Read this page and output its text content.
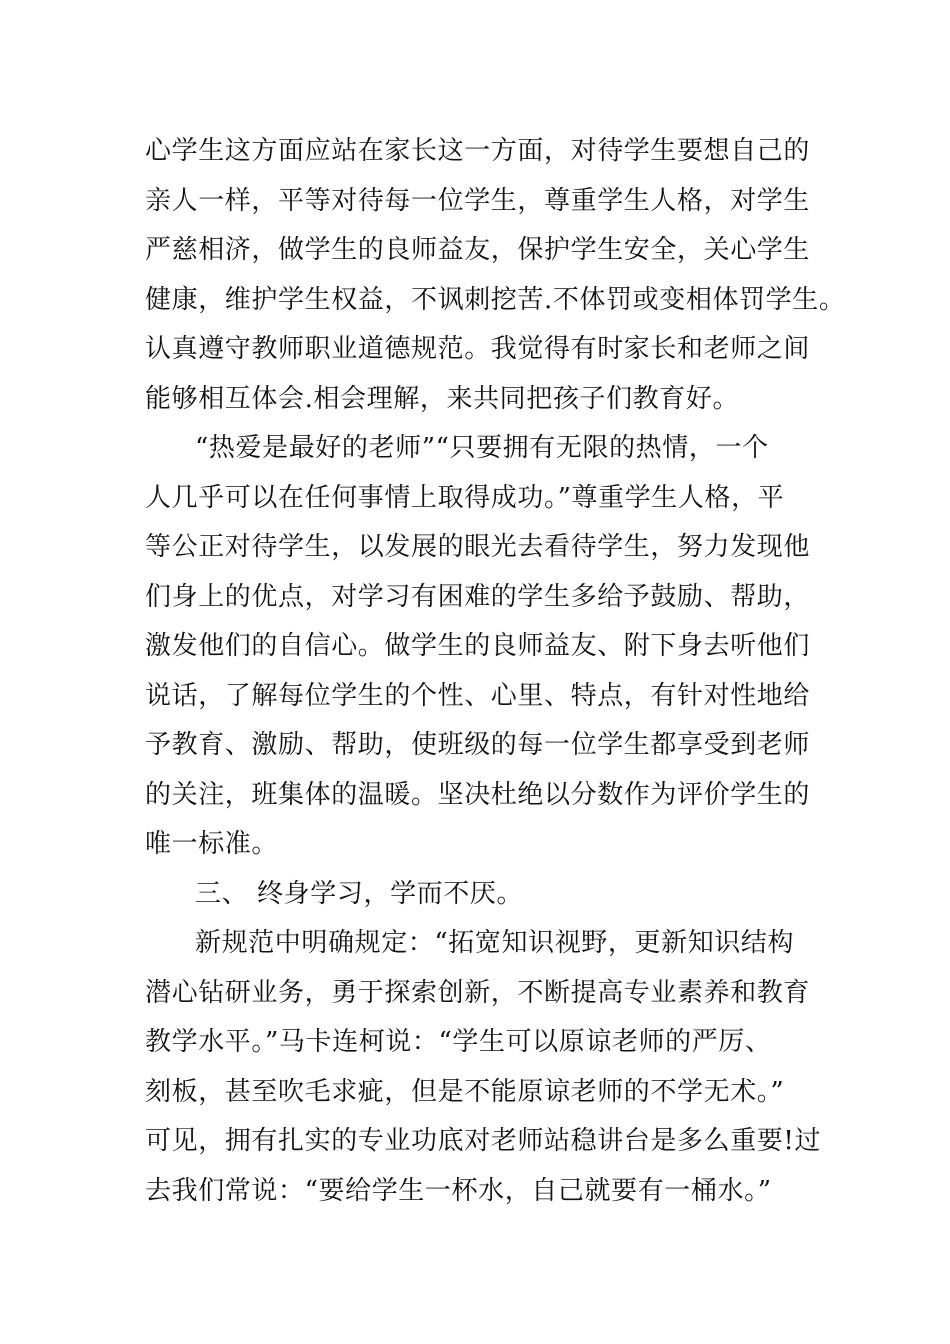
心学生这方面应站在家长这一方面，对待学生要想自己的
亲人一样，平等对待每一位学生，尊重学生人格，对学生
严慈相济，做学生的良师益友，保护学生安全，关心学生
健康，维护学生权益，不讽刺挖苦.不体罚或变相体罚学生。
认真遵守教师职业道德规范。我觉得有时家长和老师之间
能够相互体会.相会理解，来共同把孩子们教育好。
“热爱是最好的老师”“只要拥有无限的热情，一个
人几乎可以在任何事情上取得成功。”尊重学生人格，平
等公正对待学生，以发展的眼光去看待学生，努力发现他
们身上的优点，对学习有困难的学生多给予鼓励、帮助，
激发他们的自信心。做学生的良师益友、附下身去听他们
说话，了解每位学生的个性、心里、特点，有针对性地给
予教育、激励、帮助，使班级的每一位学生都享受到老师
的关注，班集体的温暖。坚决杜绝以分数作为评价学生的
唯一标准。
三、 终身学习，学而不厌。
新规范中明确规定：“拓宽知识视野，更新知识结构
潜心钻研业务，勇于探索创新，不断提高专业素养和教育
教学水平。”马卡连柯说：“学生可以原谅老师的严厉、
刻板，甚至吹毛求疵，但是不能原谅老师的不学无术。”
可见，拥有扎实的专业功底对老师站稳讲台是多么重要!过
去我们常说：“要给学生一杯水，自己就要有一桶水。”
